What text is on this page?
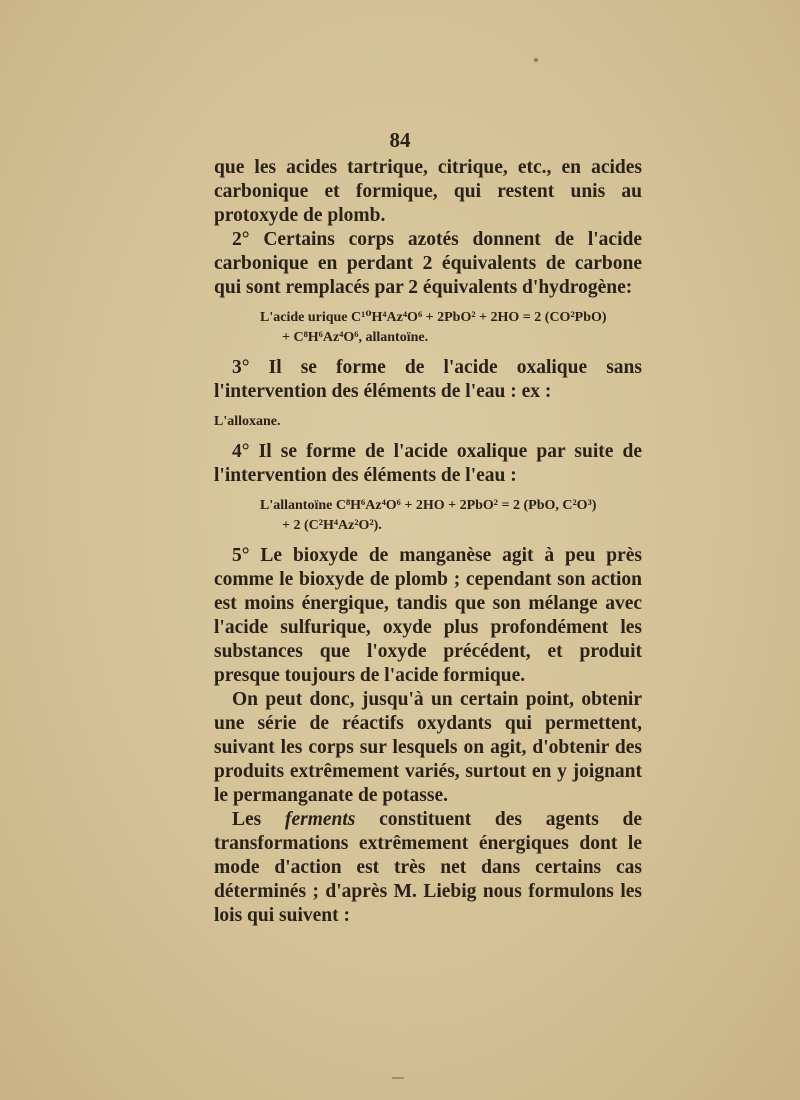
84

que les acides tartrique, citrique, etc., en acides carbonique et formique, qui restent unis au protoxyde de plomb.

2° Certains corps azotés donnent de l'acide carbonique en perdant 2 équivalents de carbone qui sont remplacés par 2 équivalents d'hydrogène:

L'acide urique C¹⁰H⁴Az⁴O⁶ + 2PbO² + 2HO = 2 (CO²PbO)
+ C⁸H⁶Az⁴O⁶, allantoïne.

3° Il se forme de l'acide oxalique sans l'intervention des éléments de l'eau : ex :

L'alloxane.

4° Il se forme de l'acide oxalique par suite de l'intervention des éléments de l'eau :

L'allantoïne C⁸H⁶Az⁴O⁶ + 2HO + 2PbO² = 2 (PbO, C²O³)
+ 2 (C²H⁴Az²O²).

5° Le bioxyde de manganèse agit à peu près comme le bioxyde de plomb ; cependant son action est moins énergique, tandis que son mélange avec l'acide sulfurique, oxyde plus profondément les substances que l'oxyde précédent, et produit presque toujours de l'acide formique.

On peut donc, jusqu'à un certain point, obtenir une série de réactifs oxydants qui permettent, suivant les corps sur lesquels on agit, d'obtenir des produits extrêmement variés, surtout en y joignant le permanganate de potasse.

Les ferments constituent des agents de transformations extrêmement énergiques dont le mode d'action est très net dans certains cas déterminés ; d'après M. Liebig nous formulons les lois qui suivent :
